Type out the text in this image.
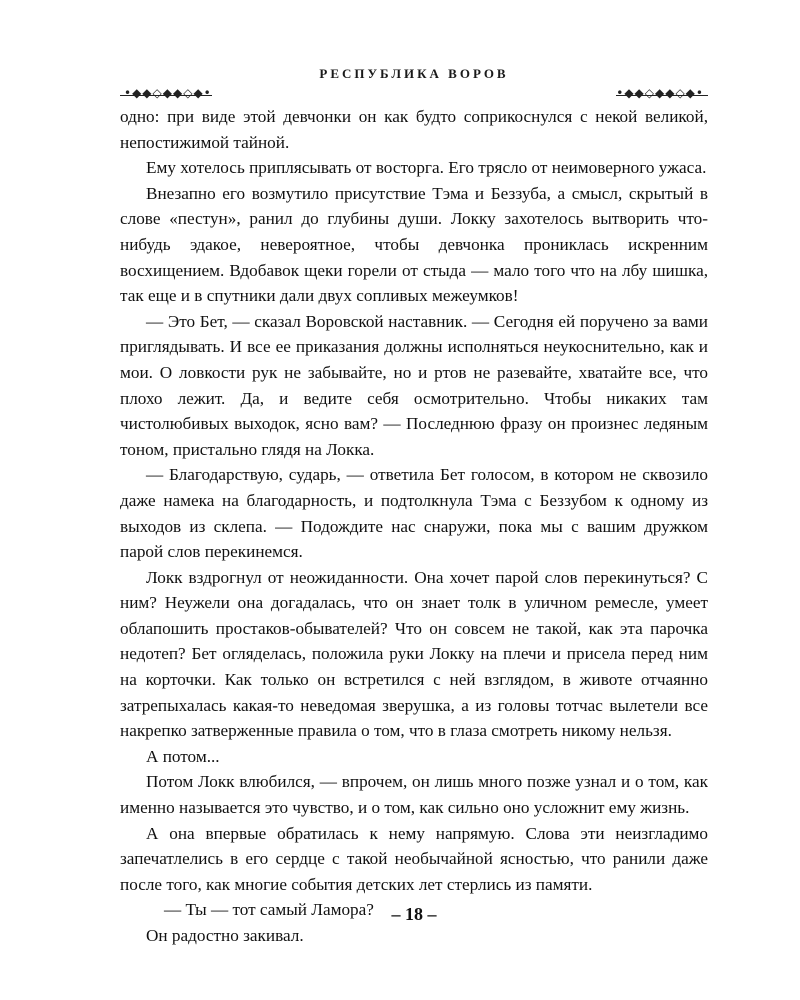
РЕСПУБЛИКА ВОРОВ
•◆◆◇◆◆◇◆•	•◆◆◇◆◆◇◆•

одно: при виде этой девчонки он как будто соприкоснулся с некой великой, непостижимой тайной.

Ему хотелось приплясывать от восторга. Его трясло от неимоверного ужаса.

Внезапно его возмутило присутствие Тэма и Беззуба, а смысл, скрытый в слове «пестун», ранил до глубины души. Локку захотелось вытворить что-нибудь эдакое, невероятное, чтобы девчонка прониклась искренним восхищением. Вдобавок щеки горели от стыда — мало того что на лбу шишка, так еще и в спутники дали двух сопливых межеумков!

— Это Бет, — сказал Воровской наставник. — Сегодня ей поручено за вами приглядывать. И все ее приказания должны исполняться неукоснительно, как и мои. О ловкости рук не забывайте, но и ртов не разевайте, хватайте все, что плохо лежит. Да, и ведите себя осмотрительно. Чтобы никаких там чистолюбивых выходок, ясно вам? — Последнюю фразу он произнес ледяным тоном, пристально глядя на Локка.

— Благодарствую, сударь, — ответила Бет голосом, в котором не сквозило даже намека на благодарность, и подтолкнула Тэма с Беззубом к одному из выходов из склепа. — Подождите нас снаружи, пока мы с вашим дружком парой слов перекинемся.

Локк вздрогнул от неожиданности. Она хочет парой слов перекинуться? С ним? Неужели она догадалась, что он знает толк в уличном ремесле, умеет облапошить простаков-обывателей? Что он совсем не такой, как эта парочка недотеп? Бет огляделась, положила руки Локку на плечи и присела перед ним на корточки. Как только он встретился с ней взглядом, в животе отчаянно затрепыхалась какая-то неведомая зверушка, а из головы тотчас вылетели все накрепко затверженные правила о том, что в глаза смотреть никому нельзя.

А потом...

Потом Локк влюбился, — впрочем, он лишь много позже узнал и о том, как именно называется это чувство, и о том, как сильно оно усложнит ему жизнь.

А она впервые обратилась к нему напрямую. Слова эти неизгладимо запечатлелись в его сердце с такой необычайной ясностью, что ранили даже после того, как многие события детских лет стерлись из памяти.

— Ты — тот самый Ламора?

Он радостно закивал.

– 18 –
